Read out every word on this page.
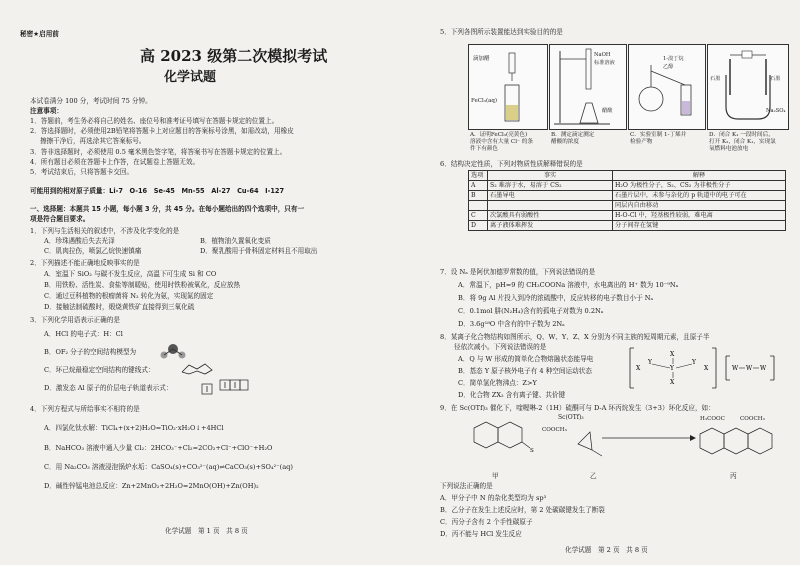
秘密★启用前
高 2023 级第二次模拟考试
化学试题
本试卷满分 100 分，考试时间 75 分钟。
注意事项：
1．答题前，考生务必将自己的姓名、座位号和准考证号填写在答题卡规定的位置上。
2．答选择题时，必须使用2B铅笔将答题卡上对应题目的答案标号涂黑，如需改动，用橡皮
擦擦干净后，再选涂其它答案标号。
3．答非选择题时，必须使用 0.5 毫米黑色签字笔，将答案书写在答题卡规定的位置上。
4．所有题目必须在答题卡上作答，在试题卷上答题无效。
5．考试结束后，只将答题卡交回。
可能用到的相对原子质量：Li-7　O-16　Se-45　Mn-55　Al-27　Cu-64　I-127
一、选择题：本题共 15 小题，每小题 3 分，共 45 分。在每小题给出的四个选项中，只有一
项是符合题目要求。
1．下列与生活相关的叙述中，不涉及化学变化的是
A．珍珠遇酸后失去光泽	B．植物油久置氧化变质
C．肌肉拉伤，喷氯乙烷快速镇痛	D．聚乳酸用于骨科固定材料且不用取出
2．下列描述不能正确地反映事实的是
A．室温下 SiO₂ 与碳不发生反应，高温下可生成 Si 和 CO
B．用铁粉、活性炭、食盐等制暖贴，使用时铁粉被氧化，反应放热
C．通过豆科植物的根瘤菌将 N₂ 转化为氨，实现氮的固定
D．接触法制硫酸时，煅烧黄铁矿直接得到三氧化硫
3．下列化学用语表示正确的是
A．HCl 的电子式：H：Cl
B．OF₂ 分子的空间结构模型为
C．环己烷最稳定空间结构的键线式：
D．激发态 Al 原子的价层电子轨道表示式：
4．下列方程式与所给事实不相符的是
A．四氯化钛水解：TiCl₄+(x+2)H₂O=TiO₂·xH₂O↓+4HCl
B．NaHCO₃ 溶液中通入少量 Cl₂：2HCO₃⁻+Cl₂=2CO₂+Cl⁻+ClO⁻+H₂O
C．用 Na₂CO₃ 溶液浸泡锅炉水垢：CaSO₄(s)+CO₃²⁻(aq)⇌CaCO₃(s)+SO₄²⁻(aq)
D．碱性锌锰电池总反应：Zn+2MnO₂+2H₂O=2MnO(OH)+Zn(OH)₂
化学试题　第 1 页　共 8 页
5．下列各图所示装置能达到实验目的的是
滴加醋
FeCl₃(aq)
NaOH
标准溶液
醋酸
1-溴丁烷
乙醇
石墨	石墨
Na₂SO₄
A．证明FeCl₃(亮黄色)
溶液中含有大量 Cl⁻ 的条
件下有颜色
B．测定滴定测定
醋酸的浓度
C．实验室制 1-丁烯并
检验产物
D．闭合 K₁ 一段时间后，
打开 K₂，闭合 K₁，实现氯
氧燃料电池放电
6．结构决定性质，下列对物质性质解释错误的是
选项	事实	解释
A	S₂ 难溶于水，易溶于 CS₂	H₂O 为极性分子，S₂、CS₂ 为非极性分子
B	石墨导电	石墨片层中，未参与杂化的 p 轨道中的电子可在
		同层内自由移动
C	次氯酸具有弱酸性	H-O-Cl 中，羟基极性较弱，难电离
D	离子液体难挥发	分子间存在氢键
7．设 Nₐ 是阿伏加德罗常数的值，下列说法错误的是
A．常温下，pH=9 的 CH₃COONa 溶液中，水电离出的 H⁺ 数为 10⁻⁹Nₐ
B．将 9g Al 片投入到冷的浓硫酸中，反应转移的电子数目小于 Nₐ
C．0.1mol 肼(N₂H₄)含有的孤电子对数为 0.2Nₐ
D．3.6g¹⁸O 中含有的中子数为 2Nₐ
8．某离子化合物结构如图所示，Q、W、Y、Z、X 分别为不同主族的短周期元素，且原子半
径依次减小。下列说法错误的是
A．Q 与 W 形成的简单化合物熔融状态能导电
B．基态 Y 原子核外电子有 4 种空间运动状态
C．简单氢化物沸点：Z>Y
D．化合物 ZX₂ 含有离子键、共价键
X
Y
X
Y
X
Y
X	W W W
9．在 Sc(OTf)₃ 催化下，喹喔啉-2（1H）硫酮可与 D-A 环丙烷发生（3+3）环化反应，如：
S
COOCH₃
Sc(OTf)₃	H₃COOC	COOCH₃
甲	乙	丙
下列说法正确的是
A．甲分子中 N 的杂化类型均为 sp³
B．乙分子在发生上述反应时，第 2 处碳碳键发生了断裂
C．丙分子含有 2 个手性碳原子
D．丙不能与 HCl 发生反应
化学试题　第 2 页　共 8 页
